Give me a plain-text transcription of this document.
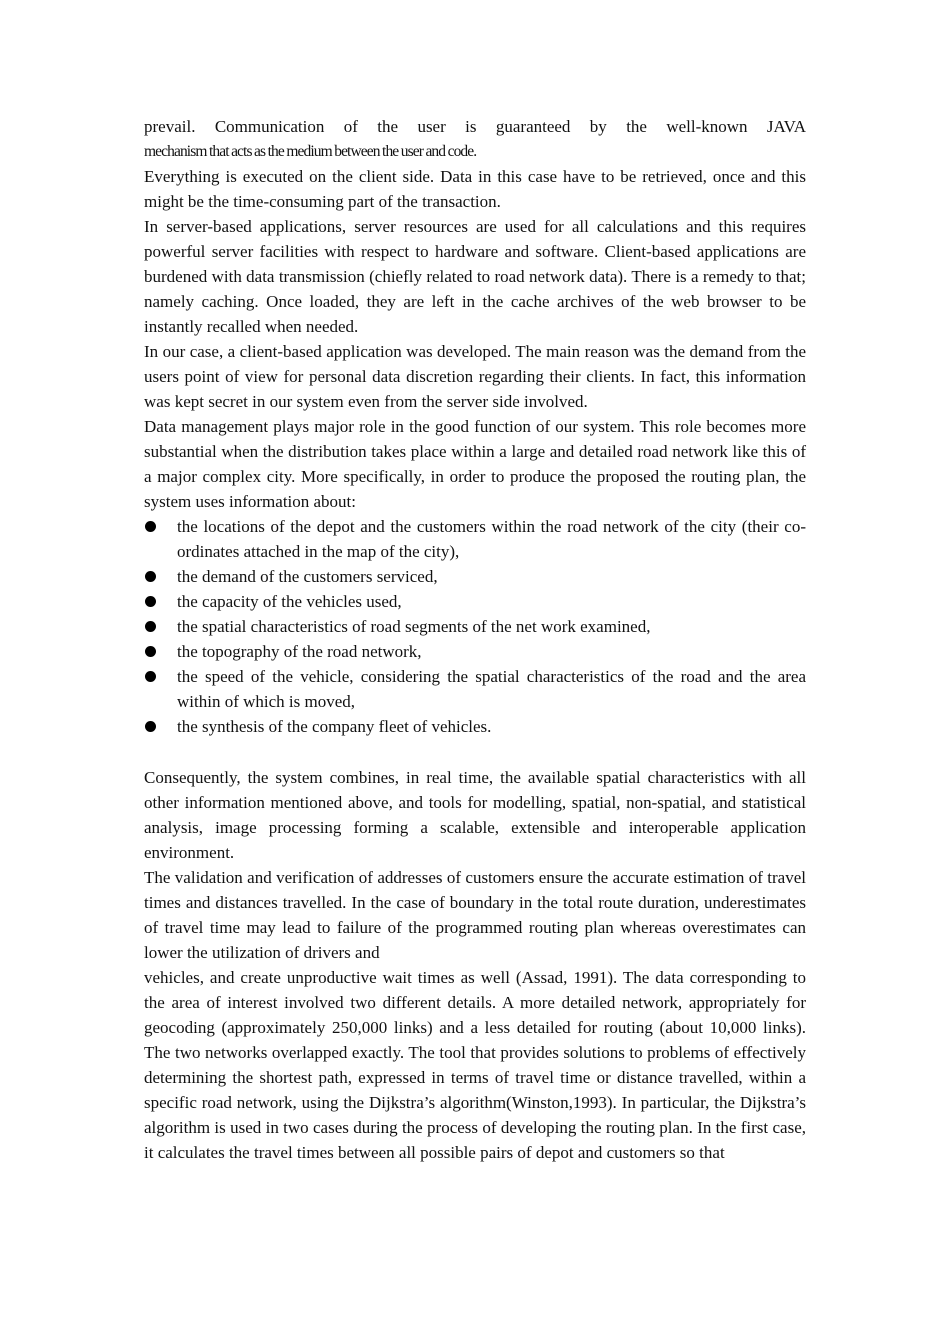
prevail. Communication of the user is guaranteed by the well-known JAVA

mechanism that acts as the medium between the user and code.

Everything is executed on the client side. Data in this case have to be retrieved, once and this might be the time-consuming part of the transaction.

In server-based applications, server resources are used for all calculations and this requires powerful server facilities with respect to hardware and software. Client-based applications are burdened with data transmission (chiefly related to road network data). There is a remedy to that; namely caching. Once loaded, they are left in the cache archives of the web browser to be instantly recalled when needed.

In our case, a client-based application was developed. The main reason was the demand from the users point of view for personal data discretion regarding their clients. In fact, this information was kept secret in our system even from the server side involved.

Data management plays major role in the good function of our system. This role becomes more substantial when the distribution takes place within a large and detailed road network like this of a major complex city. More specifically, in order to produce the proposed the routing plan, the system uses information about:

the locations of the depot and the customers within the road network of the city (their co-ordinates attached in the map of the city),
the demand of the customers serviced,
the capacity of the vehicles used,
the spatial characteristics of road segments of the net work examined,
the topography of the road network,
the speed of the vehicle, considering the spatial characteristics of the road and the area within of which is moved,
the synthesis of the company fleet of vehicles.

Consequently, the system combines, in real time, the available spatial characteristics with all other information mentioned above, and tools for modelling, spatial, non-spatial, and statistical analysis, image processing forming a scalable, extensible and interoperable application environment.

The validation and verification of addresses of customers ensure the accurate estimation of travel times and distances travelled. In the case of boundary in the total route duration, underestimates of travel time may lead to failure of the programmed routing plan whereas overestimates can lower the utilization of drivers and

vehicles, and create unproductive wait times as well (Assad, 1991). The data corresponding to the area of interest involved two different details. A more detailed network, appropriately for geocoding (approximately 250,000 links) and a less detailed for routing (about 10,000 links). The two networks overlapped exactly. The tool that provides solutions to problems of effectively determining the shortest path, expressed in terms of travel time or distance travelled, within a specific road network, using the Dijkstra’s algorithm(Winston,1993). In particular, the Dijkstra’s algorithm is used in two cases during the process of developing the routing plan. In the first case, it calculates the travel times between all possible pairs of depot and customers so that
